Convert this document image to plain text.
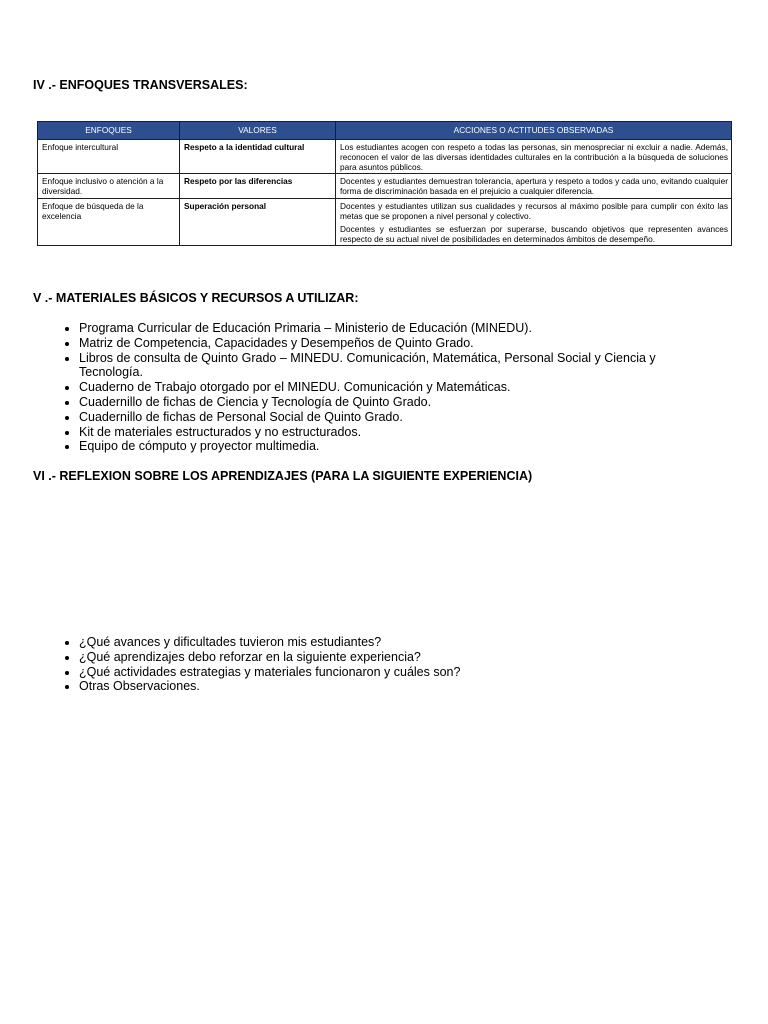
IV .- ENFOQUES TRANSVERSALES:
ENFOQUES	VALORES	ACCIONES O ACTITUDES OBSERVADAS
Enfoque intercultural	Respeto a la identidad cultural	Los estudiantes acogen con respeto a todas las personas, sin menospreciar ni excluir a nadie. Además, reconocen el valor de las diversas identidades culturales en la contribución a la búsqueda de soluciones para asuntos públicos.

Enfoque inclusivo o atención a la diversidad.	Respeto por las diferencias	Docentes y estudiantes demuestran tolerancia, apertura y respeto a todos y cada uno, evitando cualquier forma de discriminación basada en el prejuicio a cualquier diferencia.

Enfoque de búsqueda de la excelencia	Superación personal	Docentes y estudiantes utilizan sus cualidades y recursos al máximo posible para cumplir con éxito las metas que se proponen a nivel personal y colectivo.

Docentes y estudiantes se esfuerzan por superarse, buscando objetivos que representen avances respecto de su actual nivel de posibilidades en determinados ámbitos de desempeño.

V .- MATERIALES BÁSICOS Y RECURSOS A UTILIZAR:
• Programa Curricular de Educación Primaria – Ministerio de Educación (MINEDU).
• Matriz de Competencia, Capacidades y Desempeños de Quinto Grado.
• Libros de consulta de Quinto Grado – MINEDU. Comunicación, Matemática, Personal Social y Ciencia y Tecnología.
• Cuaderno de Trabajo otorgado por el MINEDU. Comunicación y Matemáticas.
• Cuadernillo de fichas de Ciencia y Tecnología de Quinto Grado.
• Cuadernillo de fichas de Personal Social de Quinto Grado.
• Kit de materiales estructurados y no estructurados.
• Equipo de cómputo y proyector multimedia.
VI .- REFLEXION SOBRE LOS APRENDIZAJES (PARA LA SIGUIENTE EXPERIENCIA)
• ¿Qué avances y dificultades tuvieron mis estudiantes?
• ¿Qué aprendizajes debo reforzar en la siguiente experiencia?
• ¿Qué actividades estrategias y materiales funcionaron y cuáles son?
• Otras Observaciones.
